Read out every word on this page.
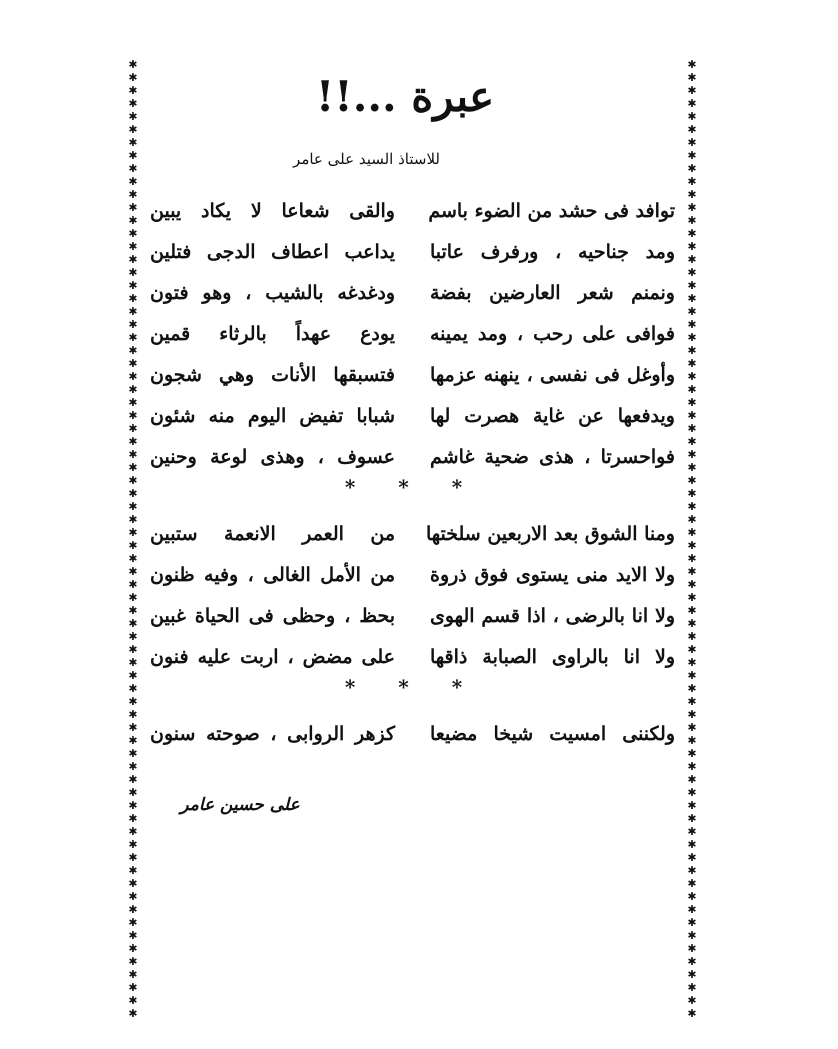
✱
✱
✱
✱
✱
✱
✱
✱
✱
✱
✱
✱
✱
✱
✱
✱
✱
✱
✱
✱
✱
✱
✱
✱
✱
✱
✱
✱
✱
✱
✱
✱
✱
✱
✱
✱
✱
✱
✱
✱
✱
✱
✱
✱
✱
✱
✱
✱
✱
✱
✱
✱
✱
✱
✱
✱
✱
✱
✱
✱
✱
✱
✱
✱
✱
✱
✱
✱
✱
✱
✱
✱
✱
✱
✱
✱
✱
✱
✱
✱
✱
✱
✱
✱
✱
✱
✱
✱
✱
✱
✱
✱
✱
✱
✱
✱
✱
✱
✱
✱
✱
✱
✱
✱
✱
✱
✱
✱
✱
✱
✱
✱
✱
✱
✱
✱
✱
✱
✱
✱
✱
✱
✱
✱
✱
✱
✱
✱
✱
✱
✱
✱
✱
✱
✱
✱
✱
✱
✱
✱
✱
✱
✱
✱
✱
✱
✱
✱
عبرة ...!!
للاستاذ السيد على عامر
توافد فى حشد من الضوء باسم
والقى شعاعا لا يكاد يبين
ومد جناحيه ، ورفرف عاتبا
يداعب اعطاف الدجى فتلين
ونمنم شعر العارضين بفضة
ودغدغه بالشيب ، وهو فتون
فوافى على رحب ، ومد يمينه
يودع عهداً بالرثاء قمين
وأوغل فى نفسى ، ينهنه عزمها
فتسبقها الأنات وهي شجون
ويدفعها عن غاية هصرت لها
شبابا تفيض اليوم منه شئون
فواحسرتا ، هذى ضحية غاشم
عسوف ، وهذى لوعة وحنين
* * *
ومنا الشوق بعد الاربعين سلختها
من العمر الانعمة ستبين
ولا الايد منى يستوى فوق ذروة
من الأمل الغالى ، وفيه ظنون
ولا انا بالرضى ، اذا قسم الهوى
بحظ ، وحظى فى الحياة غبين
ولا انا بالراوى الصبابة ذاقها
على مضض ، اربت عليه فنون
* * *
ولكننى امسيت شيخا مضيعا
كزهر الروابى ، صوحته سنون
على حسين عامر
